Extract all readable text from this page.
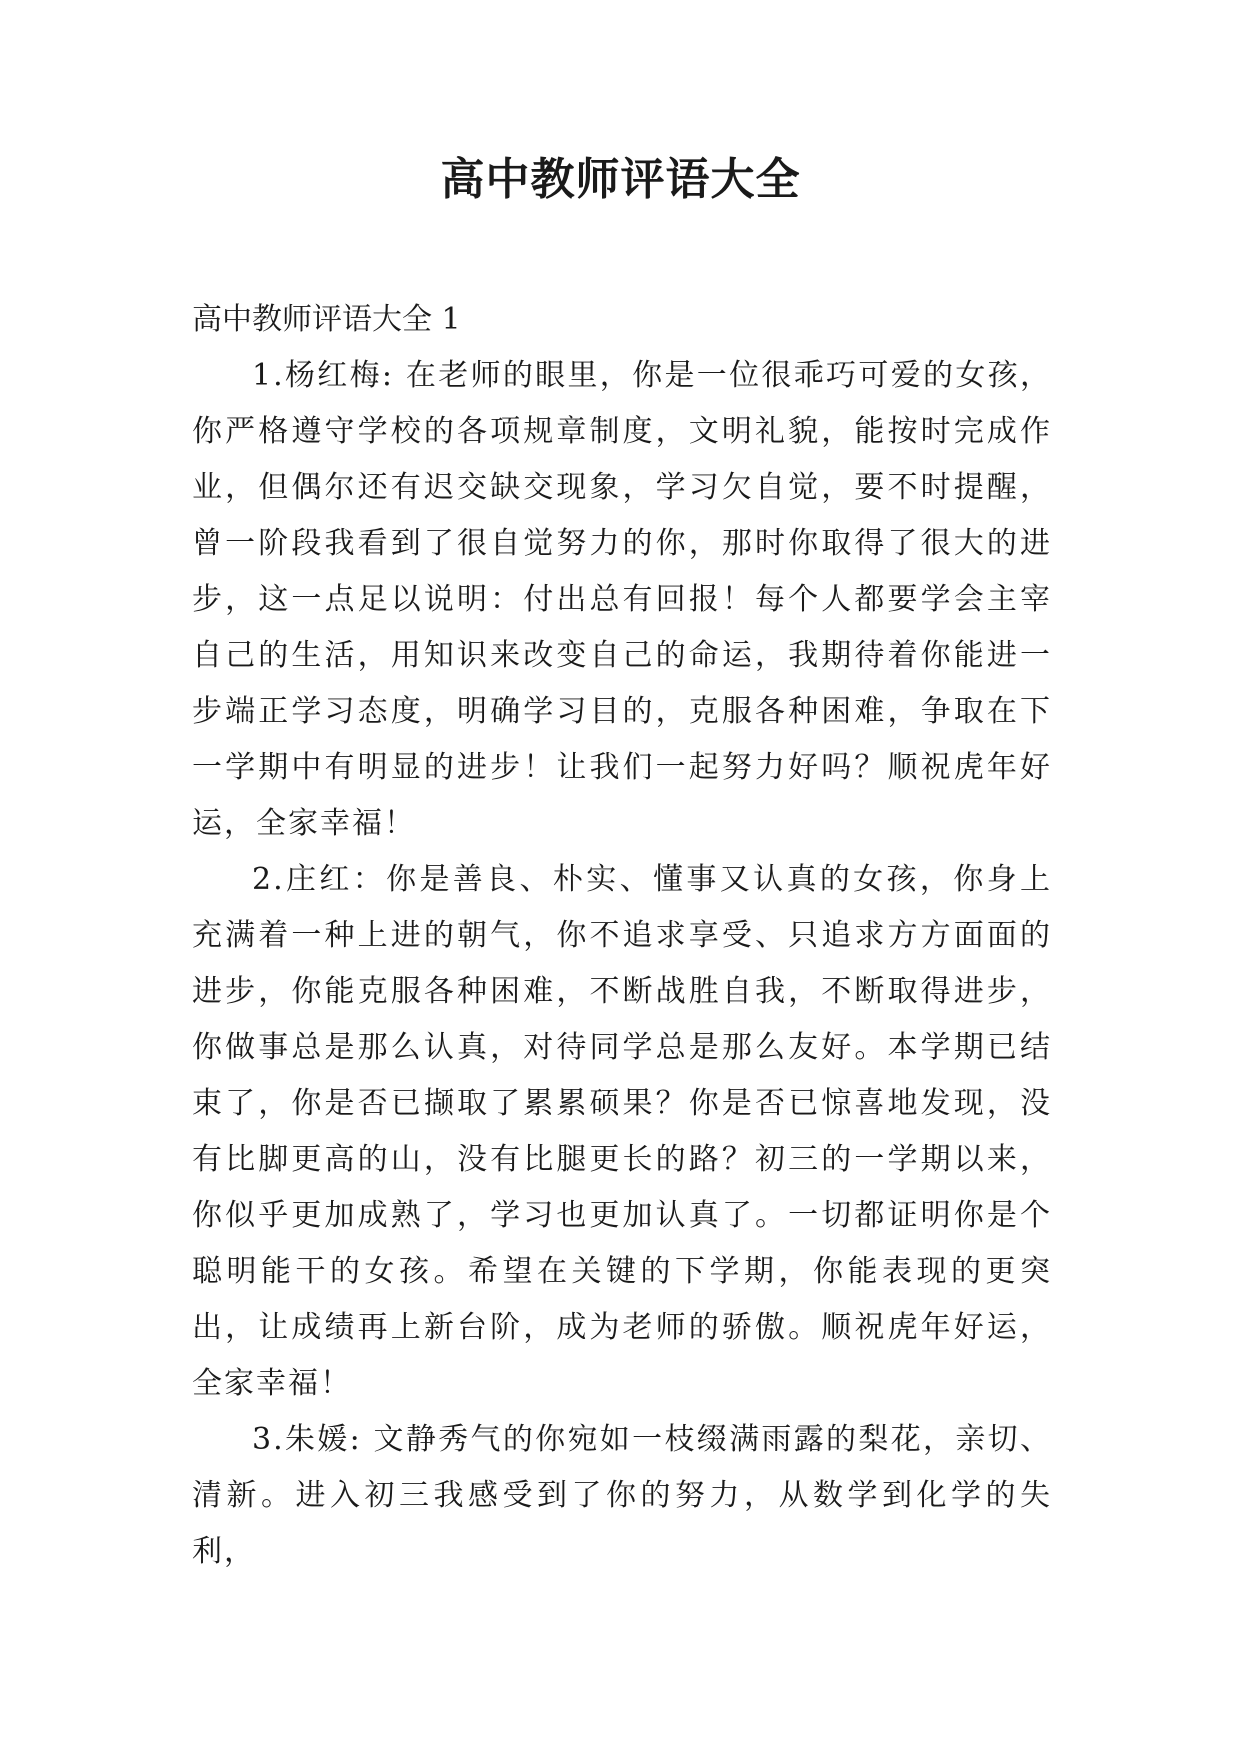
高中教师评语大全

高中教师评语大全 1

1.杨红梅: 在老师的眼里，你是一位很乖巧可爱的女孩，你严格遵守学校的各项规章制度，文明礼貌，能按时完成作业，但偶尔还有迟交缺交现象，学习欠自觉，要不时提醒，曾一阶段我看到了很自觉努力的你，那时你取得了很大的进步，这一点足以说明：付出总有回报！每个人都要学会主宰自己的生活，用知识来改变自己的命运，我期待着你能进一步端正学习态度，明确学习目的，克服各种困难，争取在下一学期中有明显的进步！让我们一起努力好吗？顺祝虎年好运，全家幸福！

2.庄红：你是善良、朴实、懂事又认真的女孩，你身上充满着一种上进的朝气，你不追求享受、只追求方方面面的进步，你能克服各种困难，不断战胜自我，不断取得进步，你做事总是那么认真，对待同学总是那么友好。本学期已结束了，你是否已撷取了累累硕果？你是否已惊喜地发现，没有比脚更高的山，没有比腿更长的路？初三的一学期以来，你似乎更加成熟了，学习也更加认真了。一切都证明你是个聪明能干的女孩。希望在关键的下学期，你能表现的更突出，让成绩再上新台阶，成为老师的骄傲。顺祝虎年好运，全家幸福！

3.朱媛: 文静秀气的你宛如一枝缀满雨露的梨花，亲切、清新。进入初三我感受到了你的努力，从数学到化学的失利，
